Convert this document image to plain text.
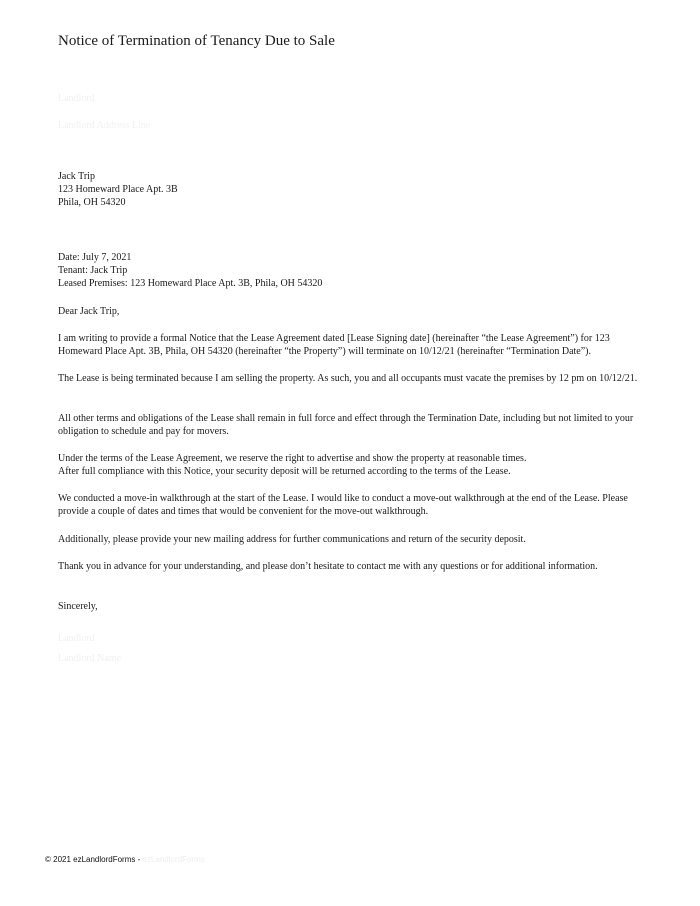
Notice of Termination of Tenancy Due to Sale
Landlord
Landlord Address Line
Jack Trip
123 Homeward Place Apt. 3B
Phila, OH 54320
Date: July 7, 2021
Tenant: Jack Trip
Leased Premises: 123 Homeward Place Apt. 3B, Phila, OH 54320
Dear Jack Trip,
I am writing to provide a formal Notice that the Lease Agreement dated [Lease Signing date] (hereinafter “the Lease Agreement”) for 123 Homeward Place Apt. 3B, Phila, OH 54320 (hereinafter “the Property”) will terminate on 10/12/21 (hereinafter “Termination Date”).
The Lease is being terminated because I am selling the property. As such, you and all occupants must vacate the premises by 12 pm on 10/12/21.
All other terms and obligations of the Lease shall remain in full force and effect through the Termination Date, including but not limited to your obligation to schedule and pay for movers.
Under the terms of the Lease Agreement, we reserve the right to advertise and show the property at reasonable times.
After full compliance with this Notice, your security deposit will be returned according to the terms of the Lease.
We conducted a move-in walkthrough at the start of the Lease. I would like to conduct a move-out walkthrough at the end of the Lease. Please provide a couple of dates and times that would be convenient for the move-out walkthrough.
Additionally, please provide your new mailing address for further communications and return of the security deposit.
Thank you in advance for your understanding, and please don’t hesitate to contact me with any questions or for additional information.
Sincerely,
Landlord
Landlord Name
© 2021 ezLandlordForms - ezLandlordForms
